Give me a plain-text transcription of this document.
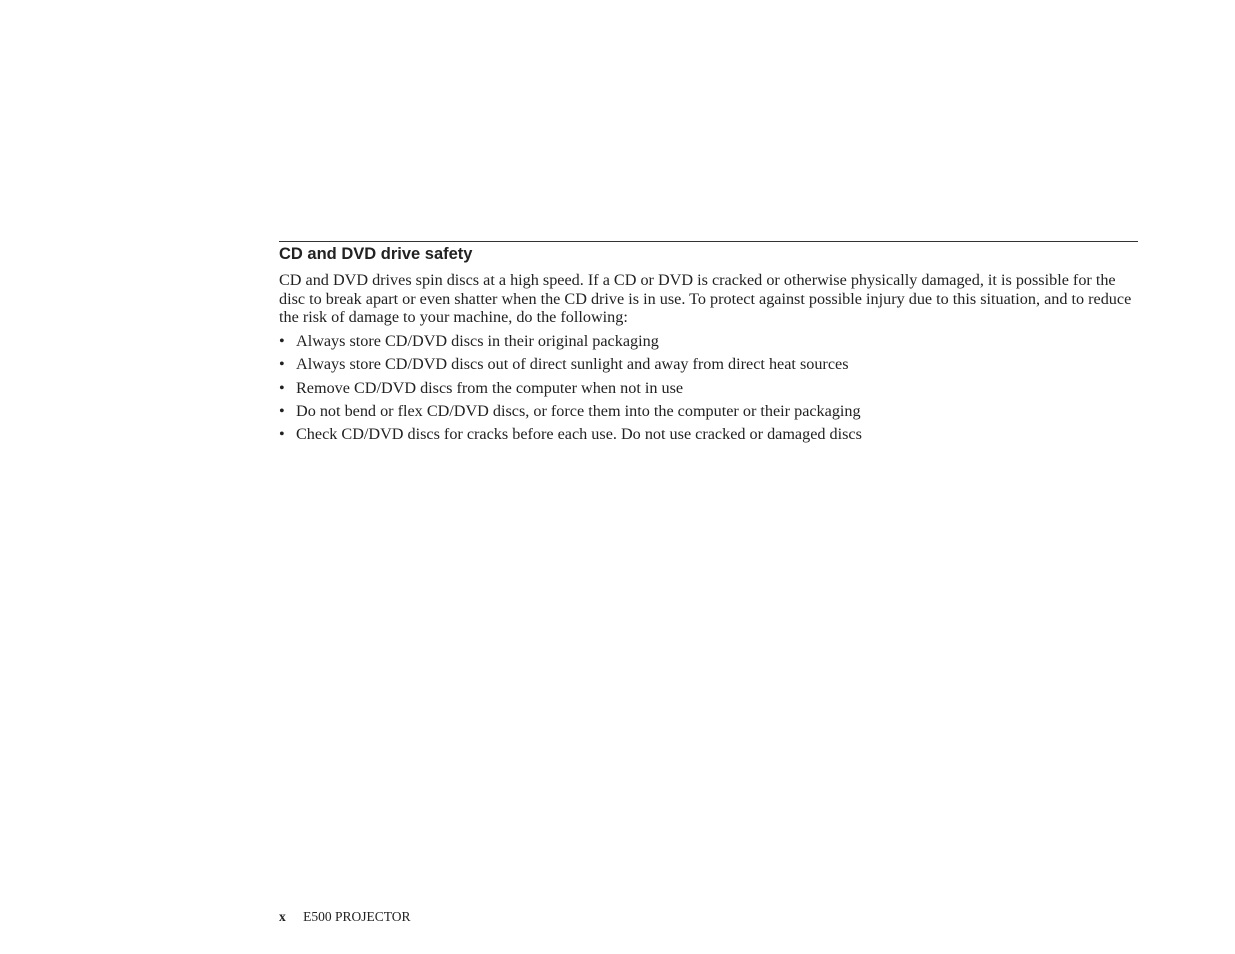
CD and DVD drive safety

CD and DVD drives spin discs at a high speed. If a CD or DVD is cracked or otherwise physically damaged, it is possible for the disc to break apart or even shatter when the CD drive is in use. To protect against possible injury due to this situation, and to reduce the risk of damage to your machine, do the following:

• Always store CD/DVD discs in their original packaging
• Always store CD/DVD discs out of direct sunlight and away from direct heat sources
• Remove CD/DVD discs from the computer when not in use
• Do not bend or flex CD/DVD discs, or force them into the computer or their packaging
• Check CD/DVD discs for cracks before each use. Do not use cracked or damaged discs
x E500 PROJECTOR
